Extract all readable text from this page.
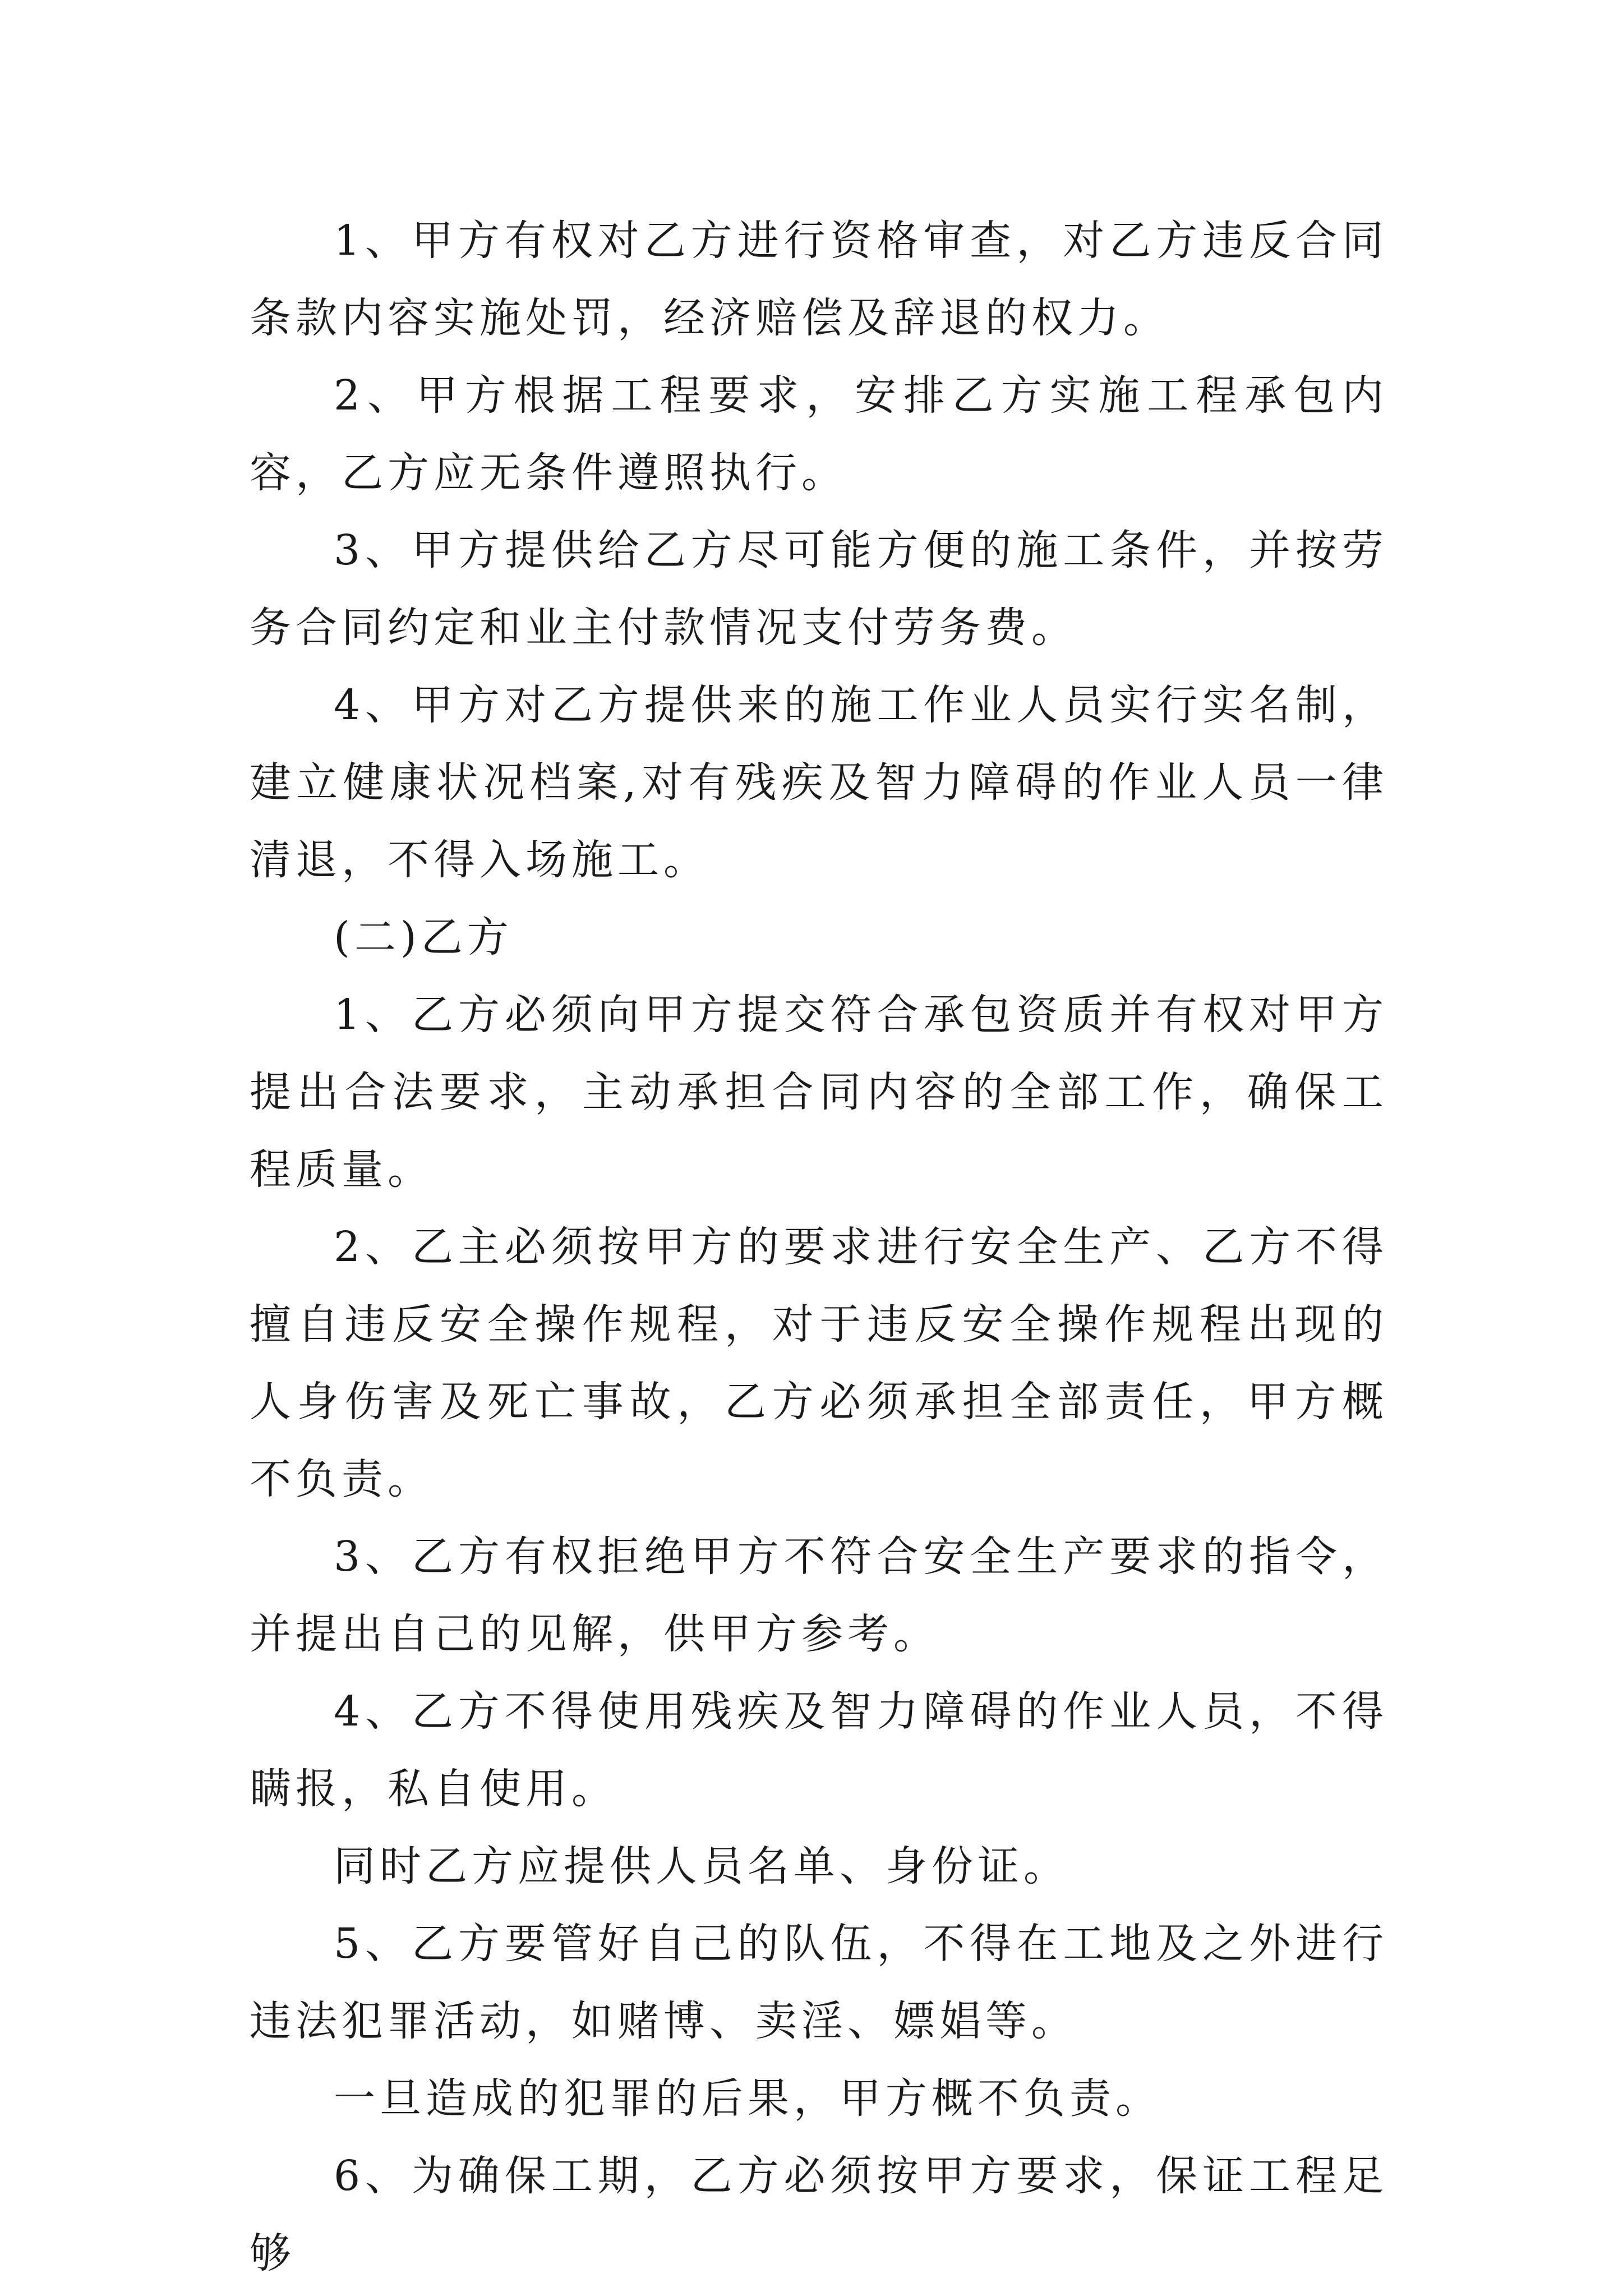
1、甲方有权对乙方进行资格审查，对乙方违反合同条款内容实施处罚，经济赔偿及辞退的权力。

2、甲方根据工程要求，安排乙方实施工程承包内容，乙方应无条件遵照执行。

3、甲方提供给乙方尽可能方便的施工条件，并按劳务合同约定和业主付款情况支付劳务费。

4、甲方对乙方提供来的施工作业人员实行实名制，建立健康状况档案,对有残疾及智力障碍的作业人员一律清退，不得入场施工。

(二)乙方

1、乙方必须向甲方提交符合承包资质并有权对甲方提出合法要求，主动承担合同内容的全部工作，确保工程质量。

2、乙主必须按甲方的要求进行安全生产、乙方不得擅自违反安全操作规程，对于违反安全操作规程出现的人身伤害及死亡事故，乙方必须承担全部责任，甲方概不负责。

3、乙方有权拒绝甲方不符合安全生产要求的指令，并提出自己的见解，供甲方参考。

4、乙方不得使用残疾及智力障碍的作业人员，不得瞒报，私自使用。

同时乙方应提供人员名单、身份证。

5、乙方要管好自己的队伍，不得在工地及之外进行违法犯罪活动，如赌博、卖淫、嫖娼等。

一旦造成的犯罪的后果，甲方概不负责。

6、为确保工期，乙方必须按甲方要求，保证工程足够
